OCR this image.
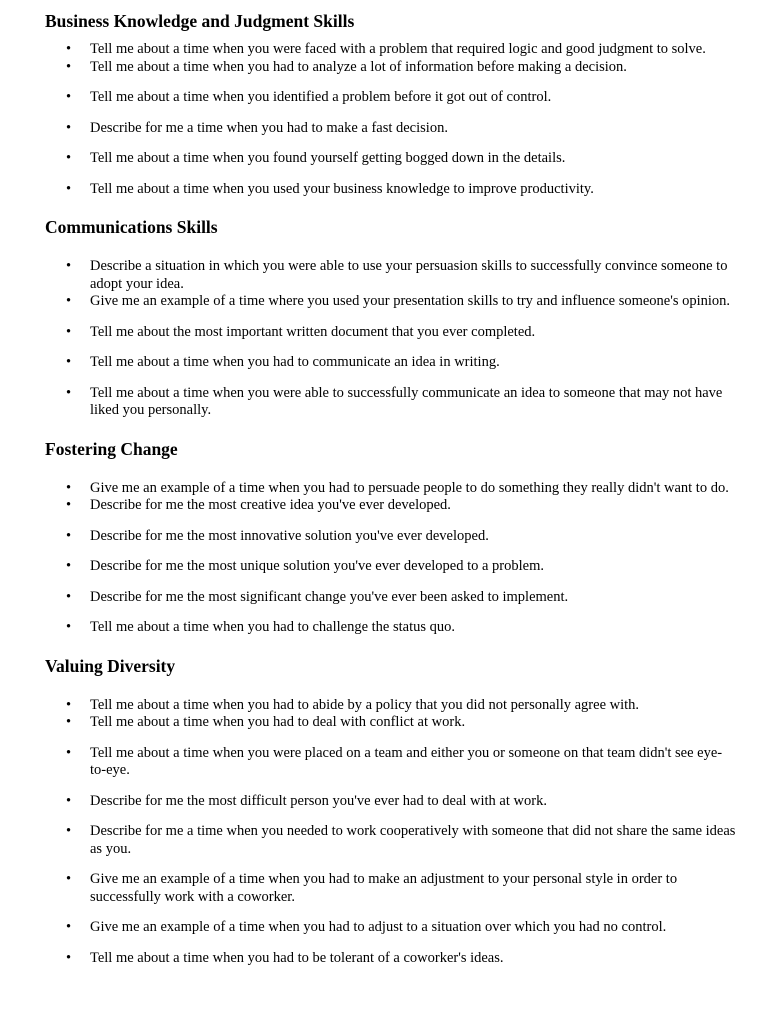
Business Knowledge and Judgment Skills
• Tell me about a time when you were faced with a problem that required logic and good judgment to solve.
• Tell me about a time when you had to analyze a lot of information before making a decision.
• Tell me about a time when you identified a problem before it got out of control.
• Describe for me a time when you had to make a fast decision.
• Tell me about a time when you found yourself getting bogged down in the details.
• Tell me about a time when you used your business knowledge to improve productivity.
Communications Skills
• Describe a situation in which you were able to use your persuasion skills to successfully convince someone to adopt your idea.
• Give me an example of a time where you used your presentation skills to try and influence someone's opinion.
• Tell me about the most important written document that you ever completed.
• Tell me about a time when you had to communicate an idea in writing.
• Tell me about a time when you were able to successfully communicate an idea to someone that may not have liked you personally.
Fostering Change
• Give me an example of a time when you had to persuade people to do something they really didn't want to do.
• Describe for me the most creative idea you've ever developed.
• Describe for me the most innovative solution you've ever developed.
• Describe for me the most unique solution you've ever developed to a problem.
• Describe for me the most significant change you've ever been asked to implement.
• Tell me about a time when you had to challenge the status quo.
Valuing Diversity
• Tell me about a time when you had to abide by a policy that you did not personally agree with.
• Tell me about a time when you had to deal with conflict at work.
• Tell me about a time when you were placed on a team and either you or someone on that team didn't see eye-to-eye.
• Describe for me the most difficult person you've ever had to deal with at work.
• Describe for me a time when you needed to work cooperatively with someone that did not share the same ideas as you.
• Give me an example of a time when you had to make an adjustment to your personal style in order to successfully work with a coworker.
• Give me an example of a time when you had to adjust to a situation over which you had no control.
• Tell me about a time when you had to be tolerant of a coworker's ideas.
